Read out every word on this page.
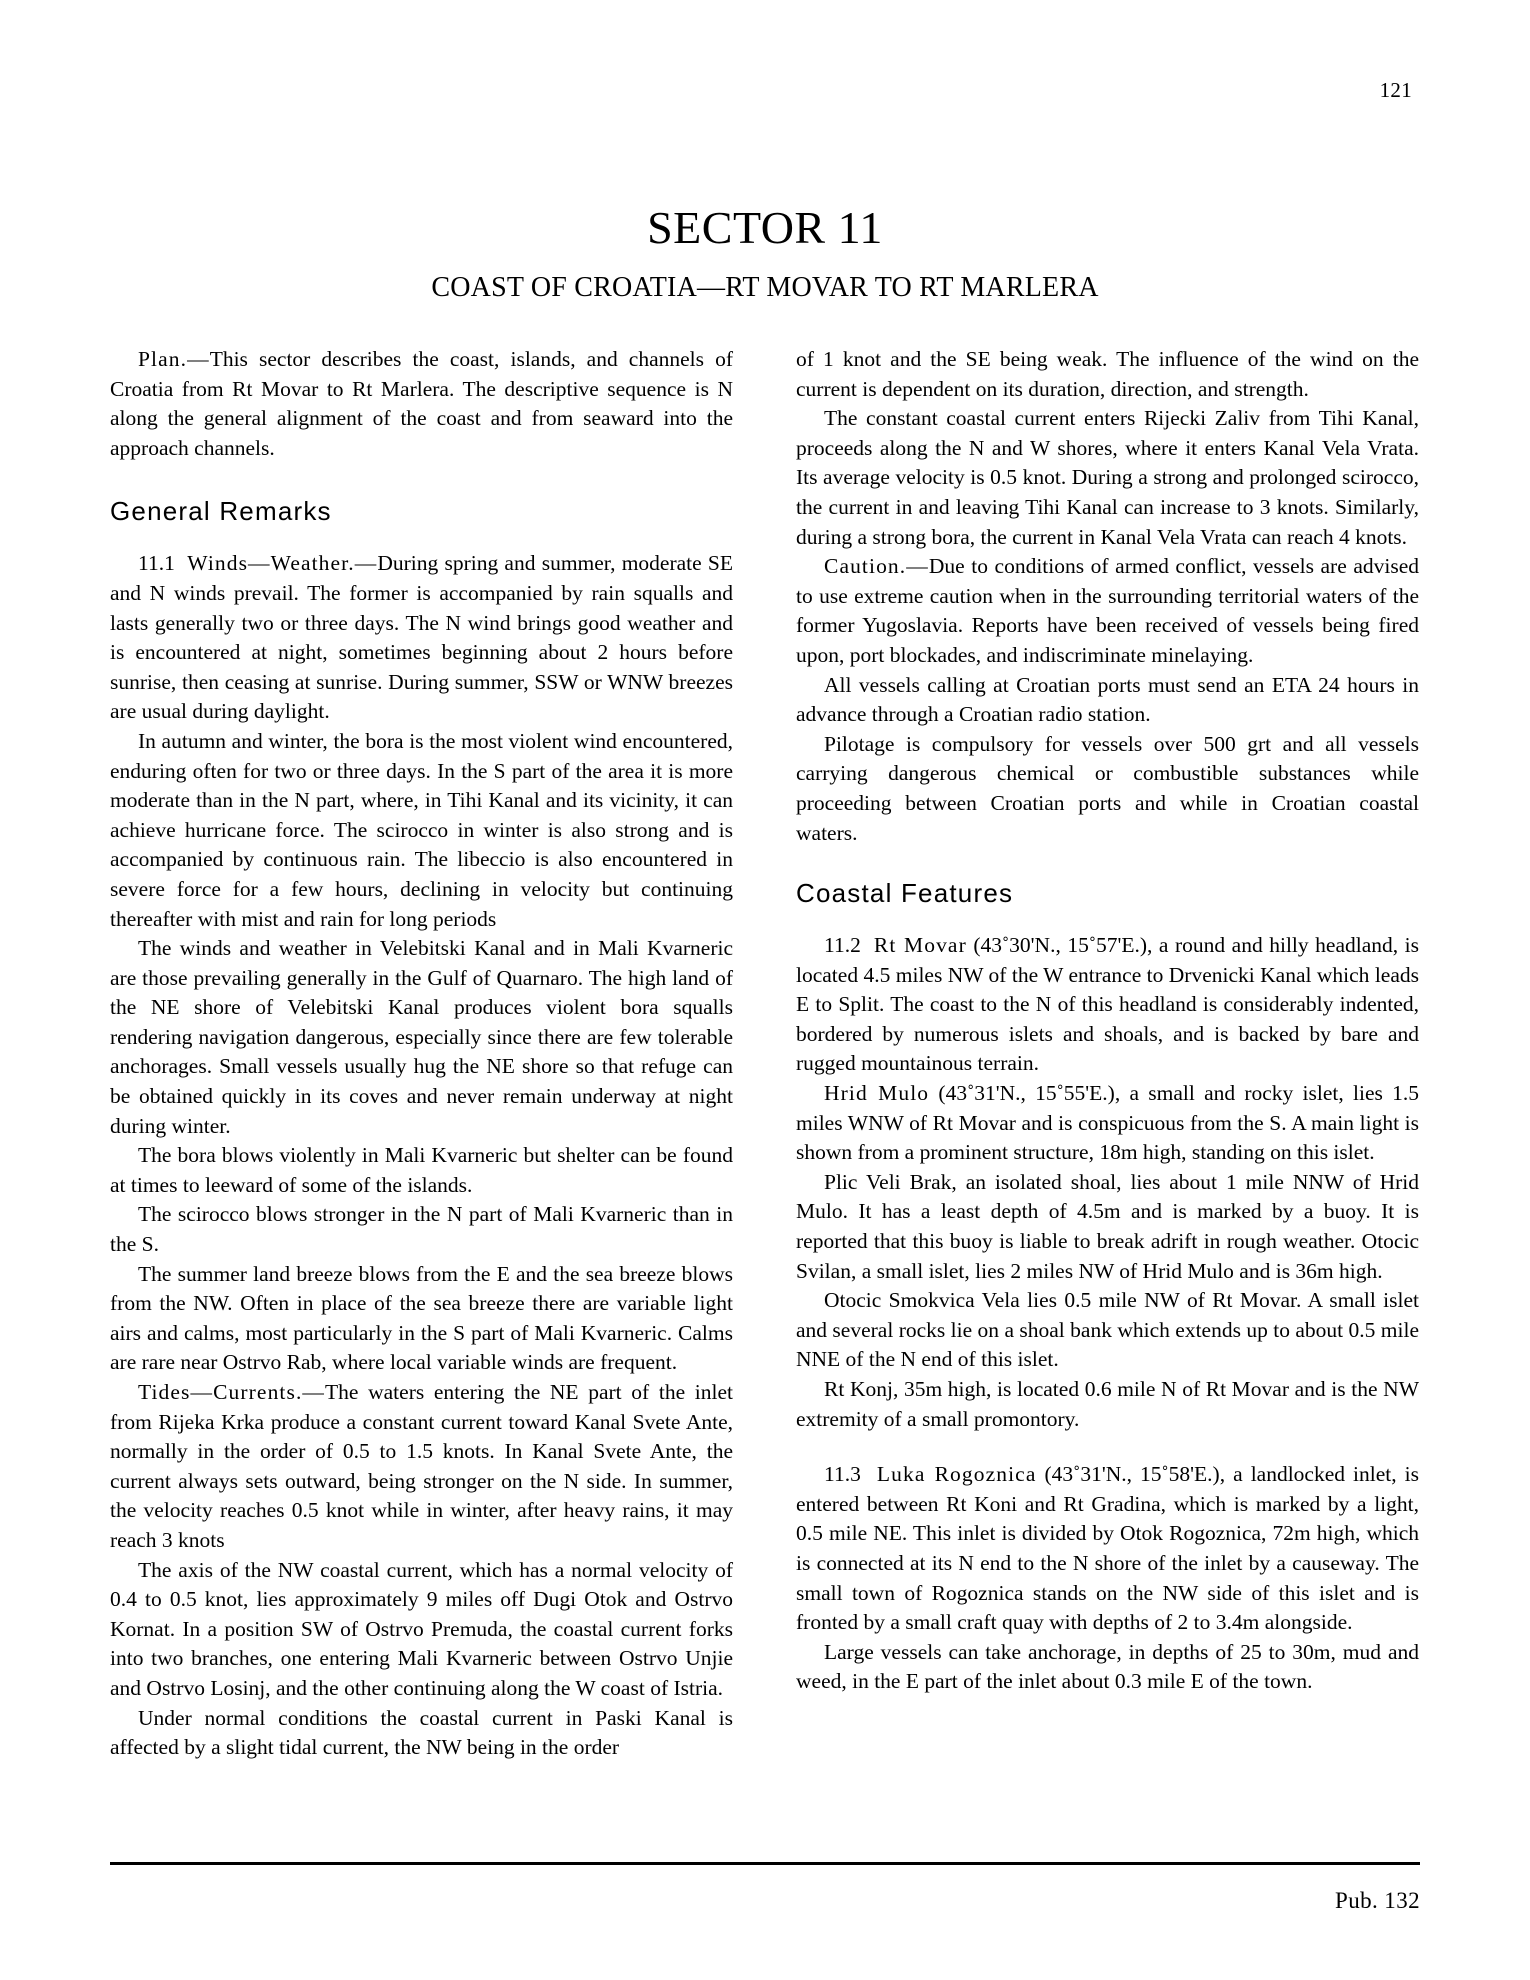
121
SECTOR 11
COAST OF CROATIA—RT MOVAR TO RT MARLERA

Plan.—This sector describes the coast, islands, and channels of Croatia from Rt Movar to Rt Marlera. The descriptive sequence is N along the general alignment of the coast and from seaward into the approach channels.

General Remarks

11.1 Winds—Weather.—During spring and summer, moderate SE and N winds prevail. The former is accompanied by rain squalls and lasts generally two or three days. The N wind brings good weather and is encountered at night, sometimes beginning about 2 hours before sunrise, then ceasing at sunrise. During summer, SSW or WNW breezes are usual during daylight.

In autumn and winter, the bora is the most violent wind encountered, enduring often for two or three days. In the S part of the area it is more moderate than in the N part, where, in Tihi Kanal and its vicinity, it can achieve hurricane force. The scirocco in winter is also strong and is accompanied by continuous rain. The libeccio is also encountered in severe force for a few hours, declining in velocity but continuing thereafter with mist and rain for long periods

The winds and weather in Velebitski Kanal and in Mali Kvarneric are those prevailing generally in the Gulf of Quarnaro. The high land of the NE shore of Velebitski Kanal produces violent bora squalls rendering navigation dangerous, especially since there are few tolerable anchorages. Small vessels usually hug the NE shore so that refuge can be obtained quickly in its coves and never remain underway at night during winter.

The bora blows violently in Mali Kvarneric but shelter can be found at times to leeward of some of the islands.

The scirocco blows stronger in the N part of Mali Kvarneric than in the S.

The summer land breeze blows from the E and the sea breeze blows from the NW. Often in place of the sea breeze there are variable light airs and calms, most particularly in the S part of Mali Kvarneric. Calms are rare near Ostrvo Rab, where local variable winds are frequent.

Tides—Currents.—The waters entering the NE part of the inlet from Rijeka Krka produce a constant current toward Kanal Svete Ante, normally in the order of 0.5 to 1.5 knots. In Kanal Svete Ante, the current always sets outward, being stronger on the N side. In summer, the velocity reaches 0.5 knot while in winter, after heavy rains, it may reach 3 knots

The axis of the NW coastal current, which has a normal velocity of 0.4 to 0.5 knot, lies approximately 9 miles off Dugi Otok and Ostrvo Kornat. In a position SW of Ostrvo Premuda, the coastal current forks into two branches, one entering Mali Kvarneric between Ostrvo Unjie and Ostrvo Losinj, and the other continuing along the W coast of Istria.

Under normal conditions the coastal current in Paski Kanal is affected by a slight tidal current, the NW being in the order

of 1 knot and the SE being weak. The influence of the wind on the current is dependent on its duration, direction, and strength.

The constant coastal current enters Rijecki Zaliv from Tihi Kanal, proceeds along the N and W shores, where it enters Kanal Vela Vrata. Its average velocity is 0.5 knot. During a strong and prolonged scirocco, the current in and leaving Tihi Kanal can increase to 3 knots. Similarly, during a strong bora, the current in Kanal Vela Vrata can reach 4 knots.

Caution.—Due to conditions of armed conflict, vessels are advised to use extreme caution when in the surrounding territorial waters of the former Yugoslavia. Reports have been received of vessels being fired upon, port blockades, and indiscriminate minelaying.

All vessels calling at Croatian ports must send an ETA 24 hours in advance through a Croatian radio station.

Pilotage is compulsory for vessels over 500 grt and all vessels carrying dangerous chemical or combustible substances while proceeding between Croatian ports and while in Croatian coastal waters.

Coastal Features

11.2 Rt Movar (43˚30'N., 15˚57'E.), a round and hilly headland, is located 4.5 miles NW of the W entrance to Drvenicki Kanal which leads E to Split. The coast to the N of this headland is considerably indented, bordered by numerous islets and shoals, and is backed by bare and rugged mountainous terrain.

Hrid Mulo (43˚31'N., 15˚55'E.), a small and rocky islet, lies 1.5 miles WNW of Rt Movar and is conspicuous from the S. A main light is shown from a prominent structure, 18m high, standing on this islet.

Plic Veli Brak, an isolated shoal, lies about 1 mile NNW of Hrid Mulo. It has a least depth of 4.5m and is marked by a buoy. It is reported that this buoy is liable to break adrift in rough weather. Otocic Svilan, a small islet, lies 2 miles NW of Hrid Mulo and is 36m high.

Otocic Smokvica Vela lies 0.5 mile NW of Rt Movar. A small islet and several rocks lie on a shoal bank which extends up to about 0.5 mile NNE of the N end of this islet.

Rt Konj, 35m high, is located 0.6 mile N of Rt Movar and is the NW extremity of a small promontory.

11.3 Luka Rogoznica (43˚31'N., 15˚58'E.), a landlocked inlet, is entered between Rt Koni and Rt Gradina, which is marked by a light, 0.5 mile NE. This inlet is divided by Otok Rogoznica, 72m high, which is connected at its N end to the N shore of the inlet by a causeway. The small town of Rogoznica stands on the NW side of this islet and is fronted by a small craft quay with depths of 2 to 3.4m alongside.

Large vessels can take anchorage, in depths of 25 to 30m, mud and weed, in the E part of the inlet about 0.3 mile E of the town.

Pub. 132
